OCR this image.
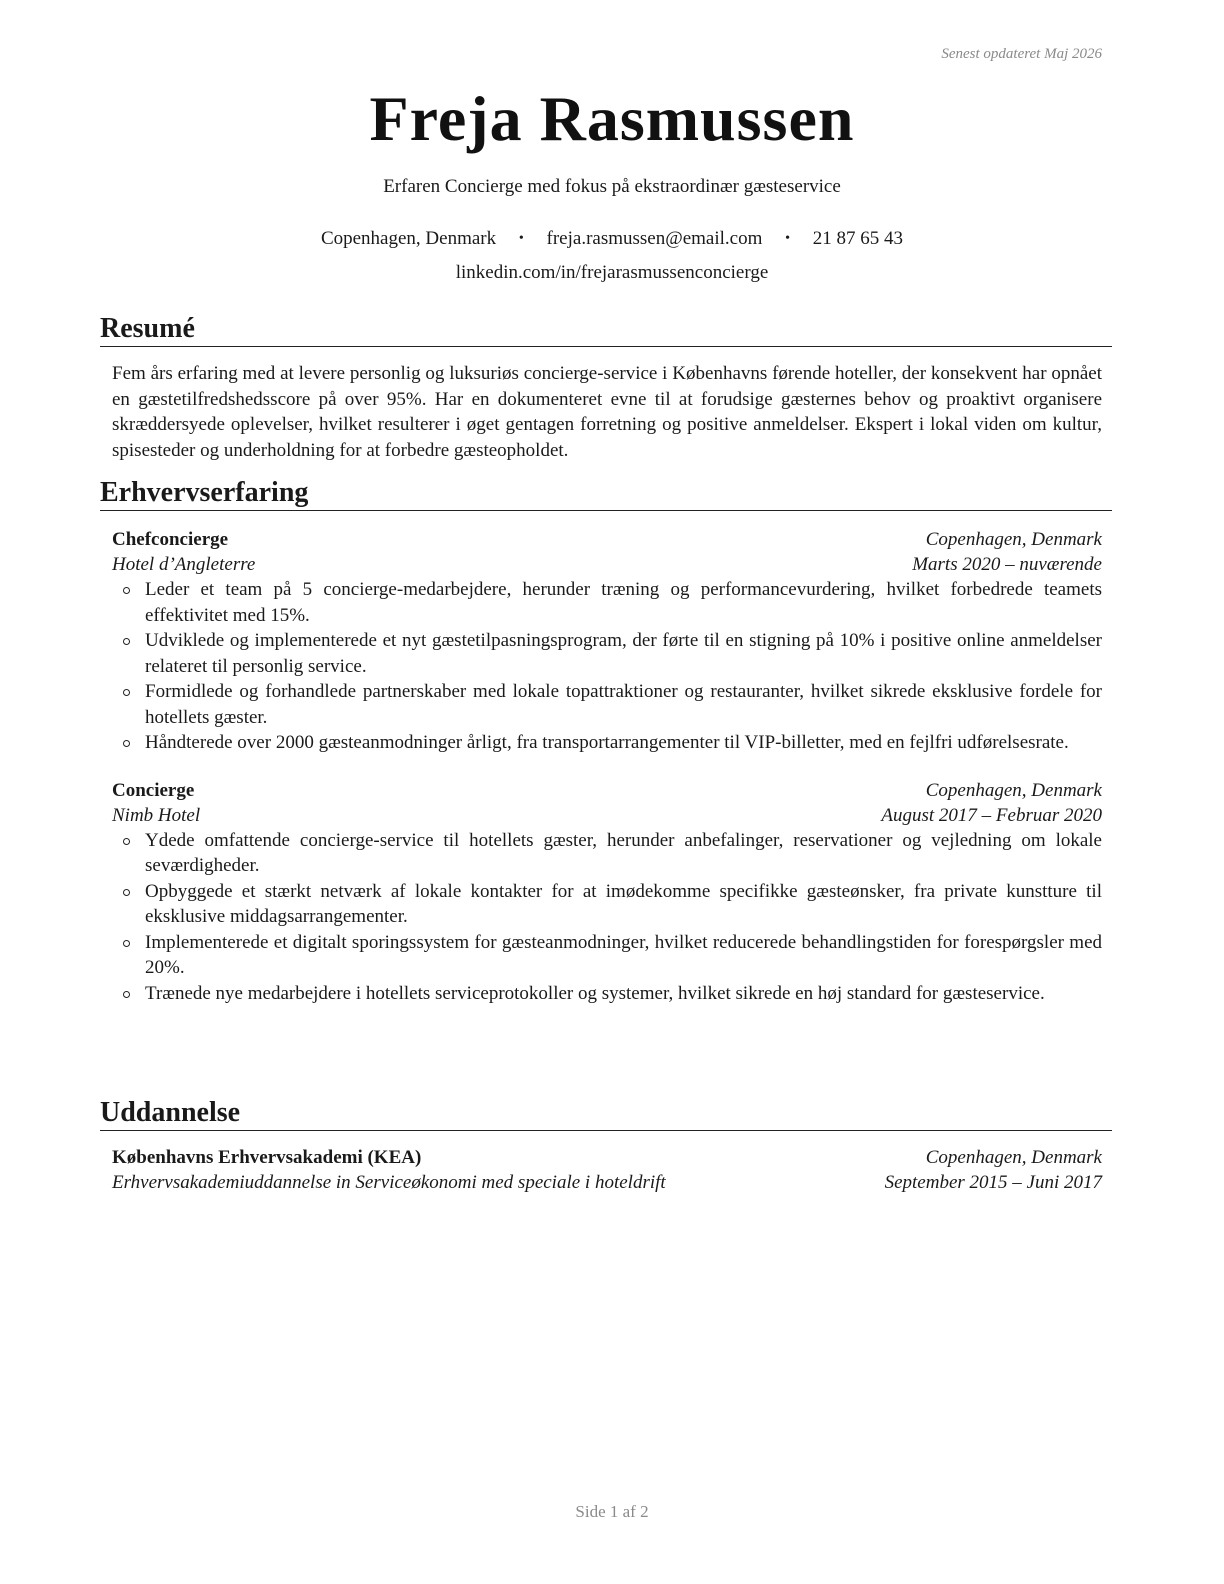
Senest opdateret Maj 2026
Freja Rasmussen
Erfaren Concierge med fokus på ekstraordinær gæsteservice
Copenhagen, Denmark • freja.rasmussen@email.com • 21 87 65 43
linkedin.com/in/frejarasmussenconcierge
Resumé
Fem års erfaring med at levere personlig og luksuriøs concierge-service i Københavns førende hoteller, der konsekvent har opnået en gæstetilfredshedsscore på over 95%. Har en dokumenteret evne til at forudsige gæsternes behov og proaktivt organisere skræddersyede oplevelser, hvilket resulterer i øget gentagen forretning og positive anmeldelser. Ekspert i lokal viden om kultur, spisesteder og underholdning for at forbedre gæsteopholdet.
Erhvervserfaring
Chefconcierge	Copenhagen, Denmark
Hotel d’Angleterre	Marts 2020 – nuværende
Leder et team på 5 concierge-medarbejdere, herunder træning og performancevurdering, hvilket forbedrede teamets effektivitet med 15%.
Udviklede og implementerede et nyt gæstetilpasningsprogram, der førte til en stigning på 10% i positive online anmeldelser relateret til personlig service.
Formidlede og forhandlede partnerskaber med lokale topattraktioner og restauranter, hvilket sikrede eksklusive fordele for hotellets gæster.
Håndterede over 2000 gæsteanmodninger årligt, fra transportarrangementer til VIP-billetter, med en fejlfri udførelsesrate.
Concierge	Copenhagen, Denmark
Nimb Hotel	August 2017 – Februar 2020
Ydede omfattende concierge-service til hotellets gæster, herunder anbefalinger, reservationer og vejledning om lokale seværdigheder.
Opbyggede et stærkt netværk af lokale kontakter for at imødekomme specifikke gæsteønsker, fra private kunstture til eksklusive middagsarrangementer.
Implementerede et digitalt sporingssystem for gæsteanmodninger, hvilket reducerede behandlingstiden for forespørgsler med 20%.
Trænede nye medarbejdere i hotellets serviceprotokoller og systemer, hvilket sikrede en høj standard for gæsteservice.
Uddannelse
Københavns Erhvervsakademi (KEA)	Copenhagen, Denmark
Erhvervsakademiuddannelse in Serviceøkonomi med speciale i hoteldrift	September 2015 – Juni 2017
Side 1 af 2
